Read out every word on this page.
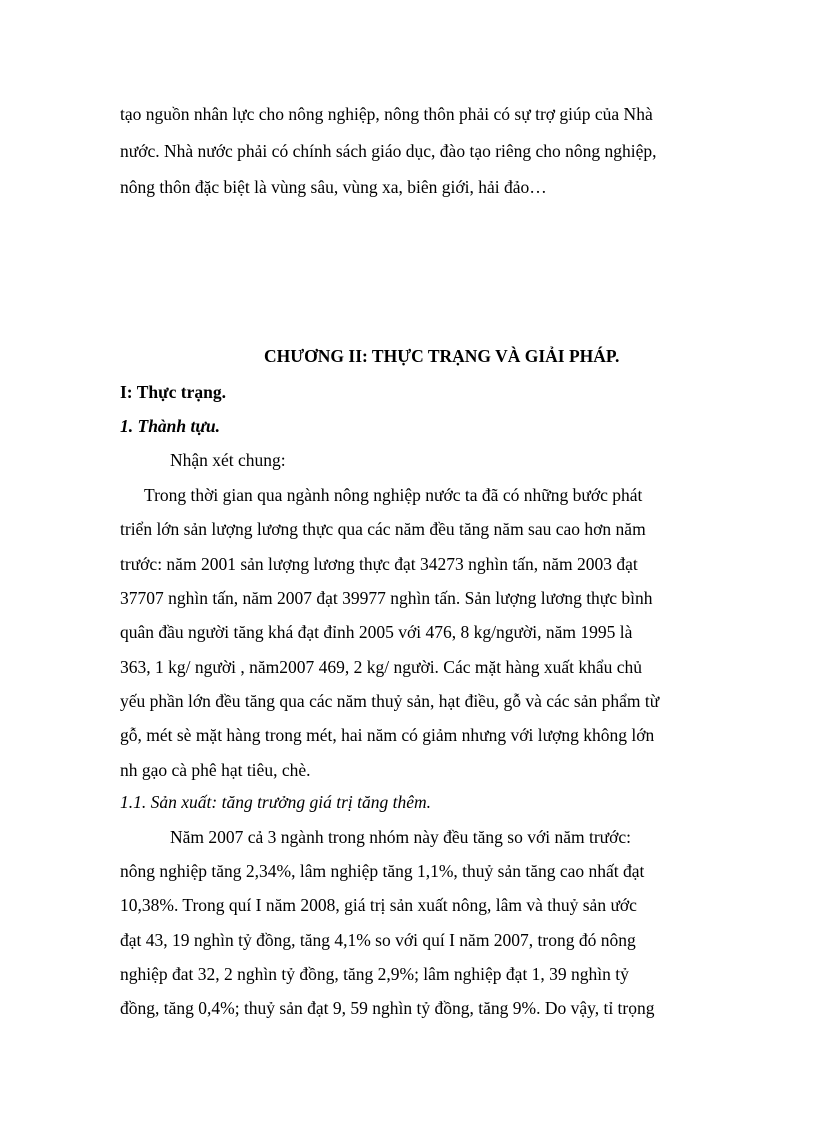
tạo nguồn nhân lực cho nông nghiệp, nông thôn phải có sự trợ giúp của Nhà
nước. Nhà nước phải có chính sách giáo dục, đào tạo riêng cho nông nghiệp,
nông thôn đặc biệt là vùng sâu, vùng xa, biên giới, hải đảo…
CHƯƠNG II: THỰC TRẠNG VÀ GIẢI PHÁP.
I: Thực trạng.
1. Thành tựu.
Nhận xét chung:
Trong thời gian qua ngành nông nghiệp nước ta đã có những bước phát
triển lớn sản lượng lương thực qua các năm đều tăng năm sau cao hơn năm
trước: năm 2001 sản lượng lương thực đạt 34273 nghìn tấn, năm 2003 đạt
37707 nghìn tấn, năm 2007 đạt 39977 nghìn tấn. Sản lượng lương thực bình
quân đầu người tăng khá đạt đỉnh 2005 với 476, 8 kg/người, năm 1995 là
363, 1 kg/ người , năm2007 469, 2 kg/ người. Các mặt hàng xuất khẩu chủ
yếu phần lớn đều tăng qua các năm thuỷ sản, hạt điều, gỗ và các sản phẩm từ
gỗ, mét sè mặt hàng trong mét, hai năm có giảm nhưng với lượng không lớn
nh gạo cà phê hạt tiêu, chè.
1.1. Sản xuất: tăng trưởng giá trị tăng thêm.
Năm 2007 cả 3 ngành trong nhóm này đều tăng so với năm trước:
nông nghiệp tăng 2,34%, lâm nghiệp tăng 1,1%, thuỷ sản tăng cao nhất đạt
10,38%. Trong quí I năm 2008, giá trị sản xuất nông, lâm và thuỷ sản ước
đạt 43, 19 nghìn tỷ đồng, tăng 4,1% so với quí I năm 2007, trong đó nông
nghiệp đat 32, 2 nghìn tỷ đồng, tăng 2,9%; lâm nghiệp đạt 1, 39 nghìn tỷ
đồng, tăng 0,4%; thuỷ sản đạt 9, 59 nghìn tỷ đồng, tăng 9%. Do vậy, tỉ trọng
